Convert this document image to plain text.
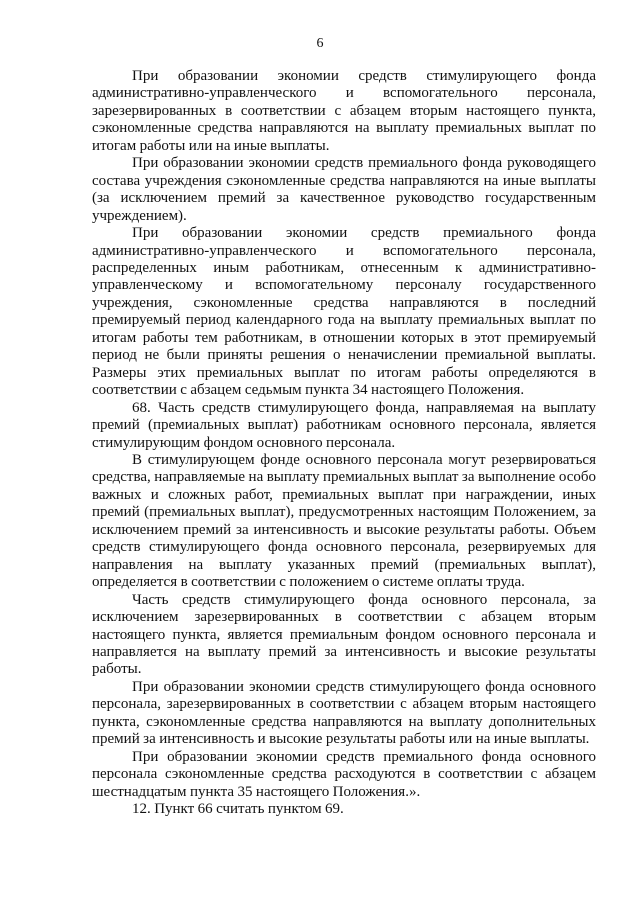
6

При образовании экономии средств стимулирующего фонда административно-управленческого и вспомогательного персонала, зарезервированных в соответствии с абзацем вторым настоящего пункта, сэкономленные средства направляются на выплату премиальных выплат по итогам работы или на иные выплаты.

При образовании экономии средств премиального фонда руководящего состава учреждения сэкономленные средства направляются на иные выплаты (за исключением премий за качественное руководство государственным учреждением).

При образовании экономии средств премиального фонда административно-управленческого и вспомогательного персонала, распределенных иным работникам, отнесенным к административно-управленческому и вспомогательному персоналу государственного учреждения, сэкономленные средства направляются в последний премируемый период календарного года на выплату премиальных выплат по итогам работы тем работникам, в отношении которых в этот премируемый период не были приняты решения о неначислении премиальной выплаты. Размеры этих премиальных выплат по итогам работы определяются в соответствии с абзацем седьмым пункта 34 настоящего Положения.

68. Часть средств стимулирующего фонда, направляемая на выплату премий (премиальных выплат) работникам основного персонала, является стимулирующим фондом основного персонала.

В стимулирующем фонде основного персонала могут резервироваться средства, направляемые на выплату премиальных выплат за выполнение особо важных и сложных работ, премиальных выплат при награждении, иных премий (премиальных выплат), предусмотренных настоящим Положением, за исключением премий за интенсивность и высокие результаты работы. Объем средств стимулирующего фонда основного персонала, резервируемых для направления на выплату указанных премий (премиальных выплат), определяется в соответствии с положением о системе оплаты труда.

Часть средств стимулирующего фонда основного персонала, за исключением зарезервированных в соответствии с абзацем вторым настоящего пункта, является премиальным фондом основного персонала и направляется на выплату премий за интенсивность и высокие результаты работы.

При образовании экономии средств стимулирующего фонда основного персонала, зарезервированных в соответствии с абзацем вторым настоящего пункта, сэкономленные средства направляются на выплату дополнительных премий за интенсивность и высокие результаты работы или на иные выплаты.

При образовании экономии средств премиального фонда основного персонала сэкономленные средства расходуются в соответствии с абзацем шестнадцатым пункта 35 настоящего Положения.».

12. Пункт 66 считать пунктом 69.
